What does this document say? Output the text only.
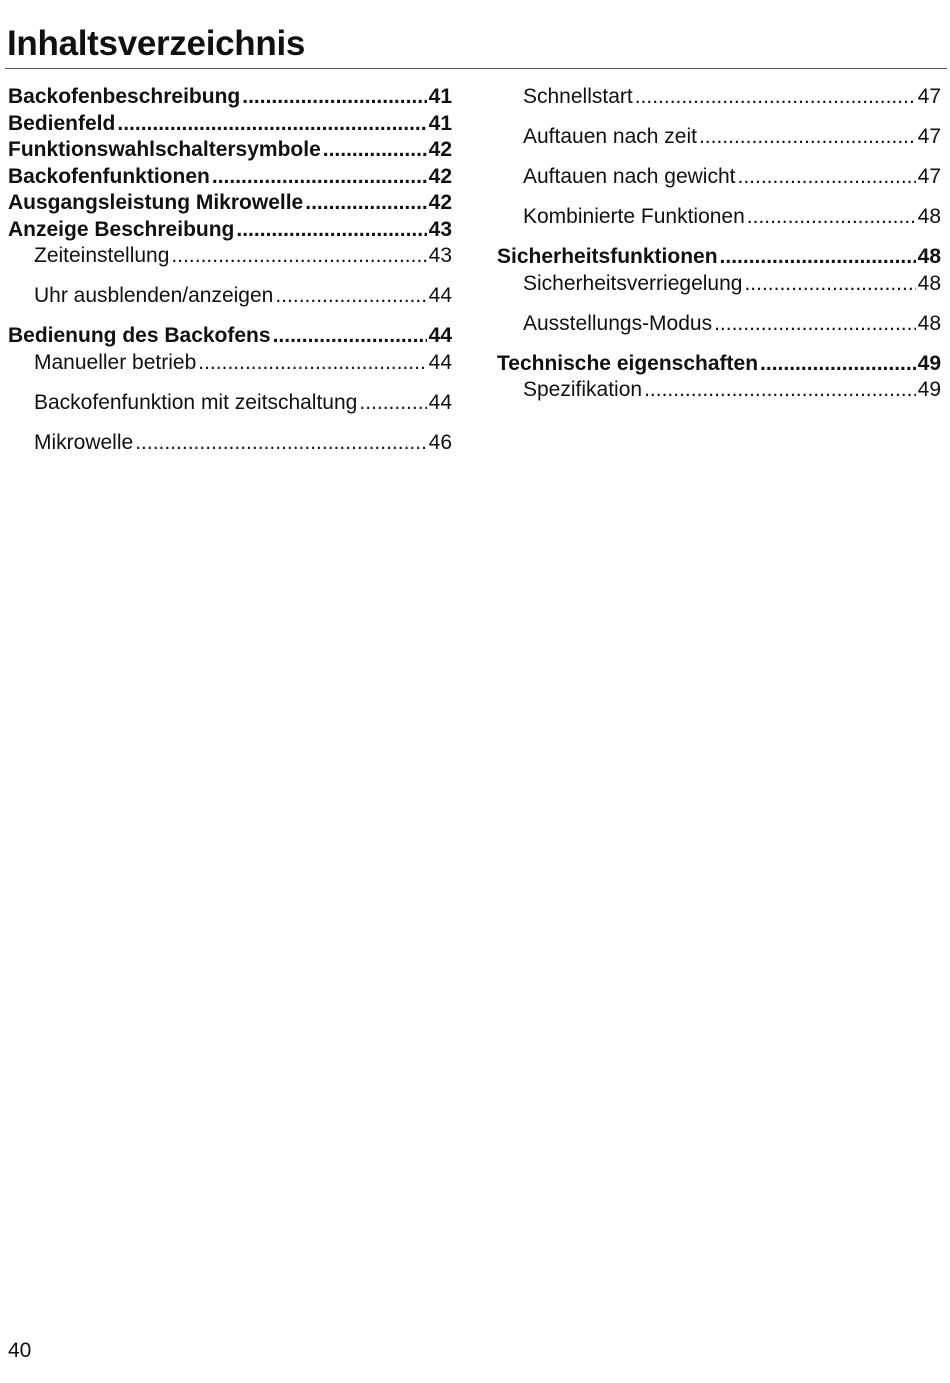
Inhaltsverzeichnis
Backofenbeschreibung .....	41
Bedienfeld .....	41
Funktionswahlschaltersymbole .....	42
Backofenfunktionen .....	42
Ausgangsleistung Mikrowelle .....	42
Anzeige Beschreibung .....	43
Zeiteinstellung .....	43
Uhr ausblenden/anzeigen .....	44
Bedienung des Backofens .....	44
Manueller betrieb .....	44
Backofenfunktion mit zeitschaltung .....	44
Mikrowelle .....	46
Schnellstart .....	47
Auftauen nach zeit .....	47
Auftauen nach gewicht .....	47
Kombinierte Funktionen .....	48
Sicherheitsfunktionen .....	48
Sicherheitsverriegelung .....	48
Ausstellungs-Modus .....	48
Technische eigenschaften .....	49
Spezifikation .....	49
40
